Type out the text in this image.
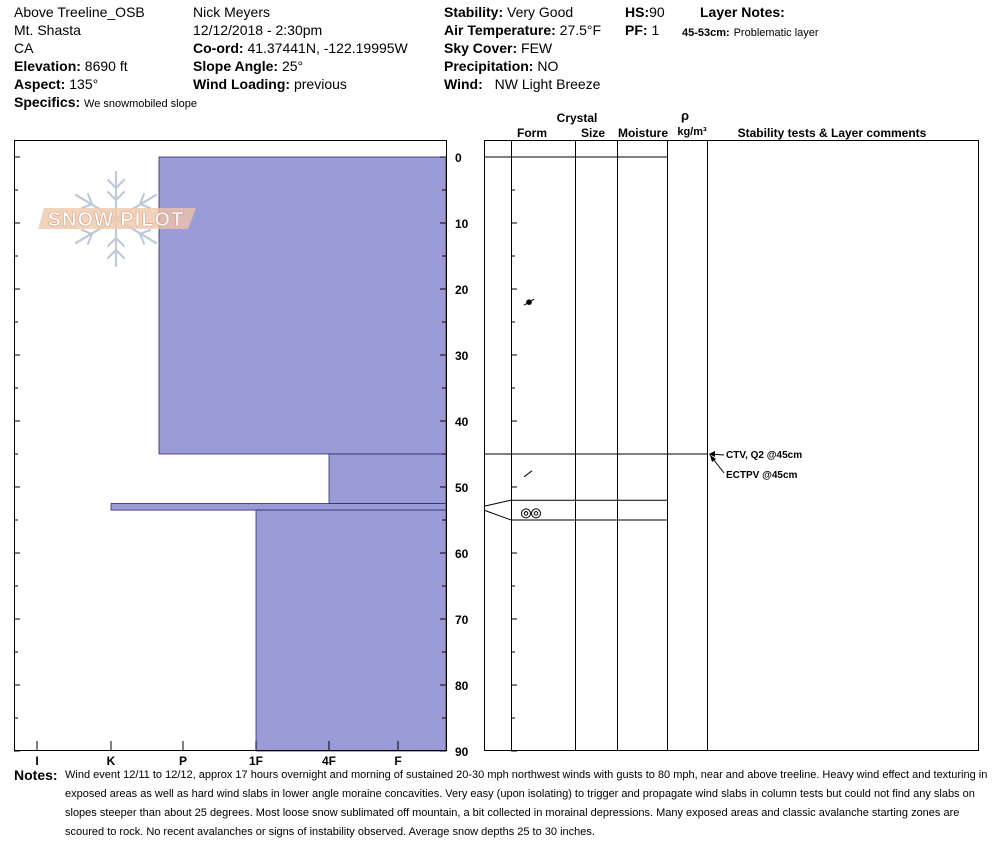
Above Treeline_OSB
Mt. Shasta
CA
Elevation: 8690 ft
Aspect: 135°
Specifics: We snowmobiled slope
Nick Meyers
12/12/2018 - 2:30pm
Co-ord: 41.37441N, -122.19995W
Slope Angle: 25°
Wind Loading: previous
Stability: Very Good
Air Temperature: 27.5°F
Sky Cover: FEW
Precipitation: NO
Wind: NW Light Breeze
HS:90
PF: 1
Layer Notes:
45-53cm: Problematic layer
SNOW PILOT
I	K	P	1F	4F	F
0
10
20
30
40
50
60
70
80
90
CTV, Q2 @45cm
ECTPV @45cm
Crystal
Form	Size Moisture
ρ
kg/m³	Stability tests & Layer comments
Notes: Wind event 12/11 to 12/12, approx 17 hours overnight and morning of sustained 20-30 mph northwest winds with gusts to 80 mph, near and above treeline. Heavy wind effect and texturing in exposed areas as well as hard wind slabs in lower angle moraine concavities. Very easy (upon isolating) to trigger and propagate wind slabs in column tests but could not find any slabs on slopes steeper than about 25 degrees. Most loose snow sublimated off mountain, a bit collected in morainal depressions. Many exposed areas and classic avalanche starting zones are scoured to rock. No recent avalanches or signs of instability observed. Average snow depths 25 to 30 inches.
